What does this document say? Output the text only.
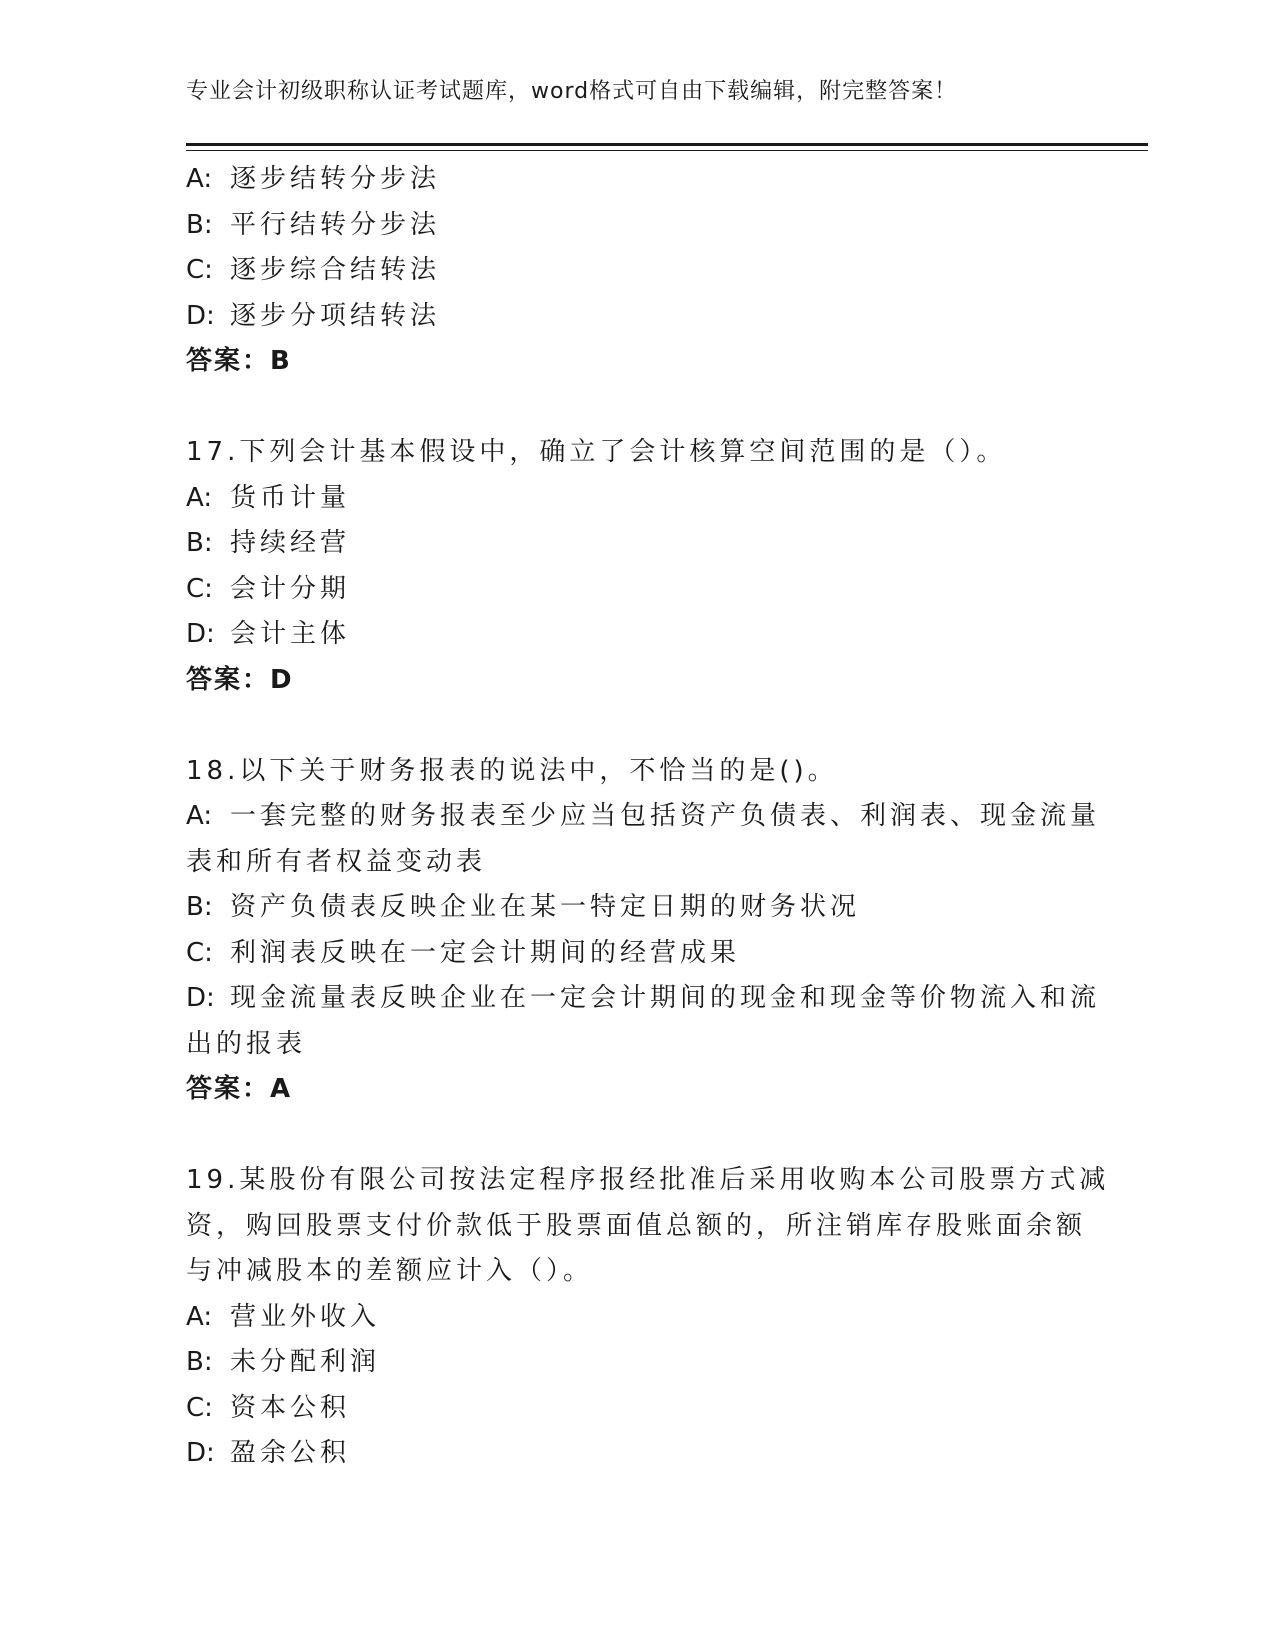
专业会计初级职称认证考试题库，word格式可自由下载编辑，附完整答案！
A: 逐步结转分步法
B: 平行结转分步法
C: 逐步综合结转法
D: 逐步分项结转法
答案：B
17.下列会计基本假设中，确立了会计核算空间范围的是（）。
A: 货币计量
B: 持续经营
C: 会计分期
D: 会计主体
答案：D
18.以下关于财务报表的说法中，不恰当的是()。
A: 一套完整的财务报表至少应当包括资产负债表、利润表、现金流量
表和所有者权益变动表
B: 资产负债表反映企业在某一特定日期的财务状况
C: 利润表反映在一定会计期间的经营成果
D: 现金流量表反映企业在一定会计期间的现金和现金等价物流入和流
出的报表
答案：A
19.某股份有限公司按法定程序报经批准后采用收购本公司股票方式减
资，购回股票支付价款低于股票面值总额的，所注销库存股账面余额
与冲减股本的差额应计入（）。
A: 营业外收入
B: 未分配利润
C: 资本公积
D: 盈余公积
